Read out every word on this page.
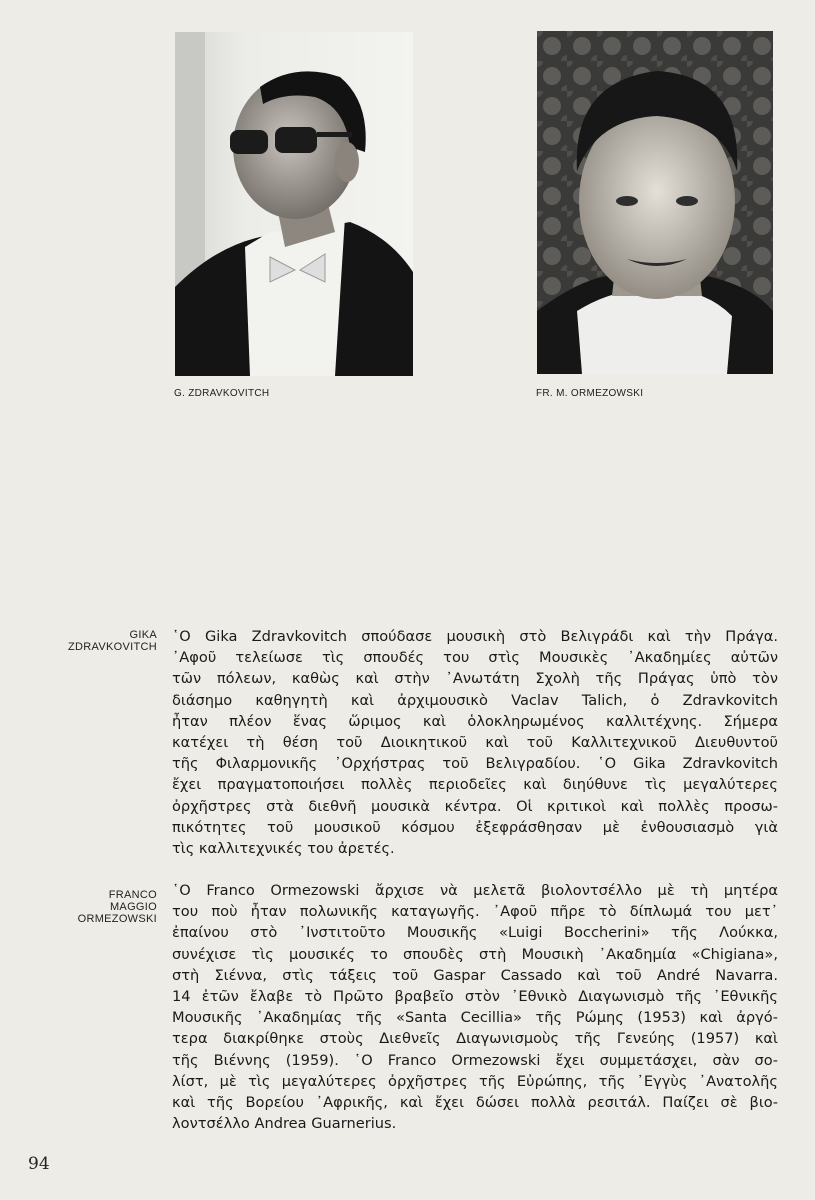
G. ZDRAVKOVITCH	FR. M. ORMEZOWSKI
GIKA
ZDRAVKOVITCH
῾Ο Gika Zdravkovitch σπούδασε μουσικὴ στὸ Βελιγράδι καὶ τὴν Πράγα.
᾿Αφοῦ τελείωσε τὶς σπουδές του στὶς Μουσικὲς ᾿Ακαδημίες αὐτῶν
τῶν πόλεων, καθὼς καὶ στὴν ᾿Ανωτάτη Σχολὴ τῆς Πράγας ὑπὸ τὸν
διάσημο καθηγητὴ καὶ ἀρχιμουσικὸ Vaclav Talich, ὁ Zdravkovitch
ἦταν πλέον ἕνας ὥριμος καὶ ὁλοκληρωμένος καλλιτέχνης. Σήμερα
κατέχει τὴ θέση τοῦ Διοικητικοῦ καὶ τοῦ Καλλιτεχνικοῦ Διευθυντοῦ
τῆς Φιλαρμονικῆς ᾿Ορχήστρας τοῦ Βελιγραδίου. ῾Ο Gika Zdravkovitch
ἔχει πραγματοποιήσει πολλὲς περιοδεῖες καὶ διηύθυνε τὶς μεγαλύτερες
ὀρχῆστρες στὰ διεθνῆ μουσικὰ κέντρα. Οἱ κριτικοὶ καὶ πολλὲς προσω-
πικότητες τοῦ μουσικοῦ κόσμου ἐξεφράσθησαν μὲ ἐνθουσιασμὸ γιὰ
τὶς καλλιτεχνικές του ἀρετές.
FRANCO
MAGGIO
ORMEZOWSKI
῾Ο Franco Ormezowski ἄρχισε νὰ μελετᾶ βιολοντσέλλο μὲ τὴ μητέρα
του ποὺ ἦταν πολωνικῆς καταγωγῆς. ᾿Αφοῦ πῆρε τὸ δίπλωμά του μετ᾿
ἐπαίνου στὸ ᾿Ινστιτοῦτο Μουσικῆς «Luigi Boccherini» τῆς Λούκκα,
συνέχισε τὶς μουσικές το σπουδὲς στὴ Μουσικὴ ᾿Ακαδημία «Chigiana»,
στὴ Σιέννα, στὶς τάξεις τοῦ Gaspar Cassado καὶ τοῦ André Navarra.
14 ἐτῶν ἔλαβε τὸ Πρῶτο βραβεῖο στὸν ᾿Εθνικὸ Διαγωνισμὸ τῆς ᾿Εθνικῆς
Μουσικῆς ᾿Ακαδημίας τῆς «Santa Cecillia» τῆς Ρώμης (1953) καὶ ἀργό-
τερα διακρίθηκε στοὺς Διεθνεῖς Διαγωνισμοὺς τῆς Γενεύης (1957) καὶ
τῆς Βιέννης (1959). ῾Ο Franco Ormezowski ἔχει συμμετάσχει, σὰν σο-
λίστ, μὲ τὶς μεγαλύτερες ὀρχῆστρες τῆς Εὐρώπης, τῆς ᾿Εγγὺς ᾿Ανατολῆς
καὶ τῆς Βορείου ᾿Αφρικῆς, καὶ ἔχει δώσει πολλὰ ρεσιτάλ. Παίζει σὲ βιο-
λοντσέλλο Andrea Guarnerius.
94
